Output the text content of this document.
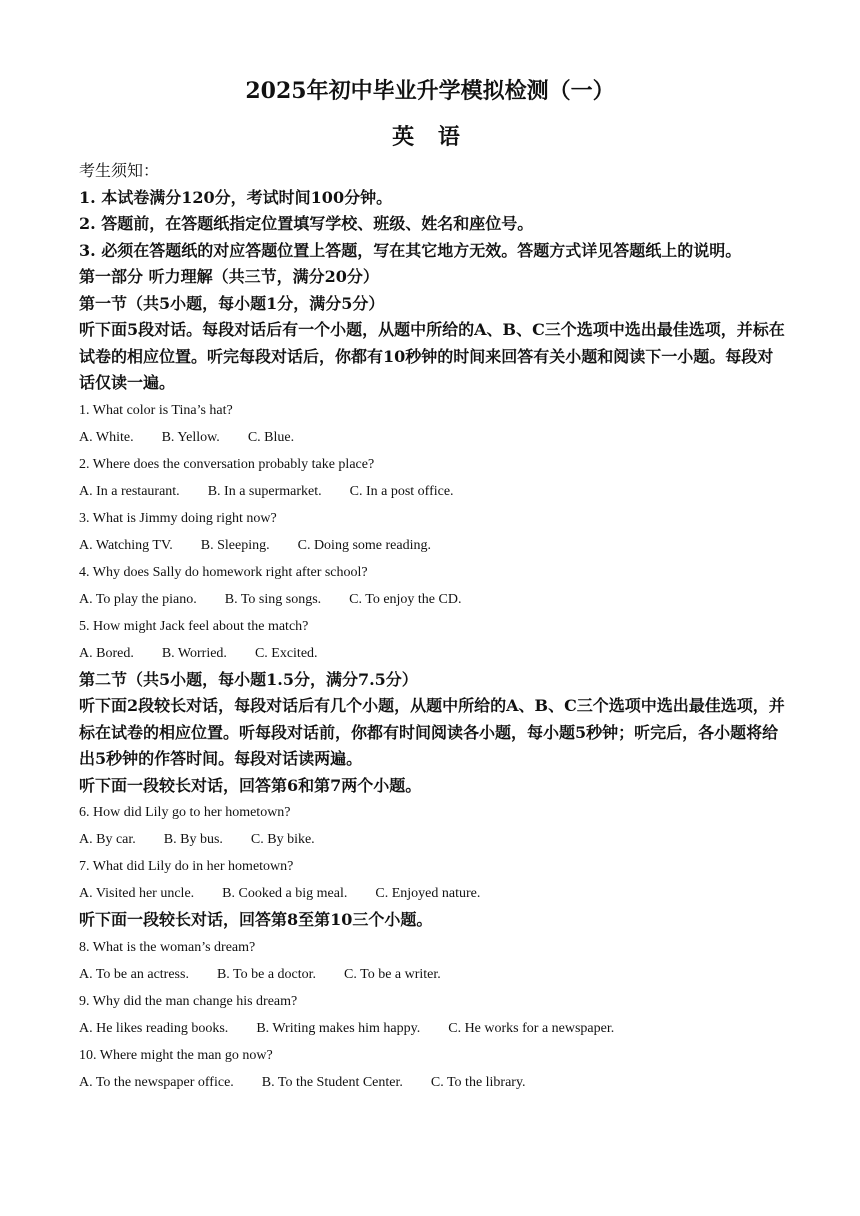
2025年初中毕业升学模拟检测（一）
英 语
考生须知：
1. 本试卷满分120分，考试时间100分钟。
2. 答题前，在答题纸指定位置填写学校、班级、姓名和座位号。
3. 必须在答题纸的对应答题位置上答题，写在其它地方无效。答题方式详见答题纸上的说明。
第一部分 听力理解（共三节，满分20分）
第一节（共5小题，每小题1分，满分5分）
听下面5段对话。每段对话后有一个小题，从题中所给的A、B、C三个选项中选出最佳选项，并标在试卷的相应位置。听完每段对话后，你都有10秒钟的时间来回答有关小题和阅读下一小题。每段对话仅读一遍。
1. What color is Tina’s hat?
A. White. B. Yellow. C. Blue.
2. Where does the conversation probably take place?
A. In a restaurant. B. In a supermarket. C. In a post office.
3. What is Jimmy doing right now?
A. Watching TV. B. Sleeping. C. Doing some reading.
4. Why does Sally do homework right after school?
A. To play the piano. B. To sing songs. C. To enjoy the CD.
5. How might Jack feel about the match?
A. Bored. B. Worried. C. Excited.
第二节（共5小题，每小题1.5分，满分7.5分）
听下面2段较长对话，每段对话后有几个小题，从题中所给的A、B、C三个选项中选出最佳选项，并标在试卷的相应位置。听每段对话前，你都有时间阅读各小题，每小题5秒钟；听完后，各小题将给出5秒钟的作答时间。每段对话读两遍。
听下面一段较长对话，回答第6和第7两个小题。
6. How did Lily go to her hometown?
A. By car. B. By bus. C. By bike.
7. What did Lily do in her hometown?
A. Visited her uncle. B. Cooked a big meal. C. Enjoyed nature.
听下面一段较长对话，回答第8至第10三个小题。
8. What is the woman’s dream?
A. To be an actress. B. To be a doctor. C. To be a writer.
9. Why did the man change his dream?
A. He likes reading books. B. Writing makes him happy. C. He works for a newspaper.
10. Where might the man go now?
A. To the newspaper office. B. To the Student Center. C. To the library.
